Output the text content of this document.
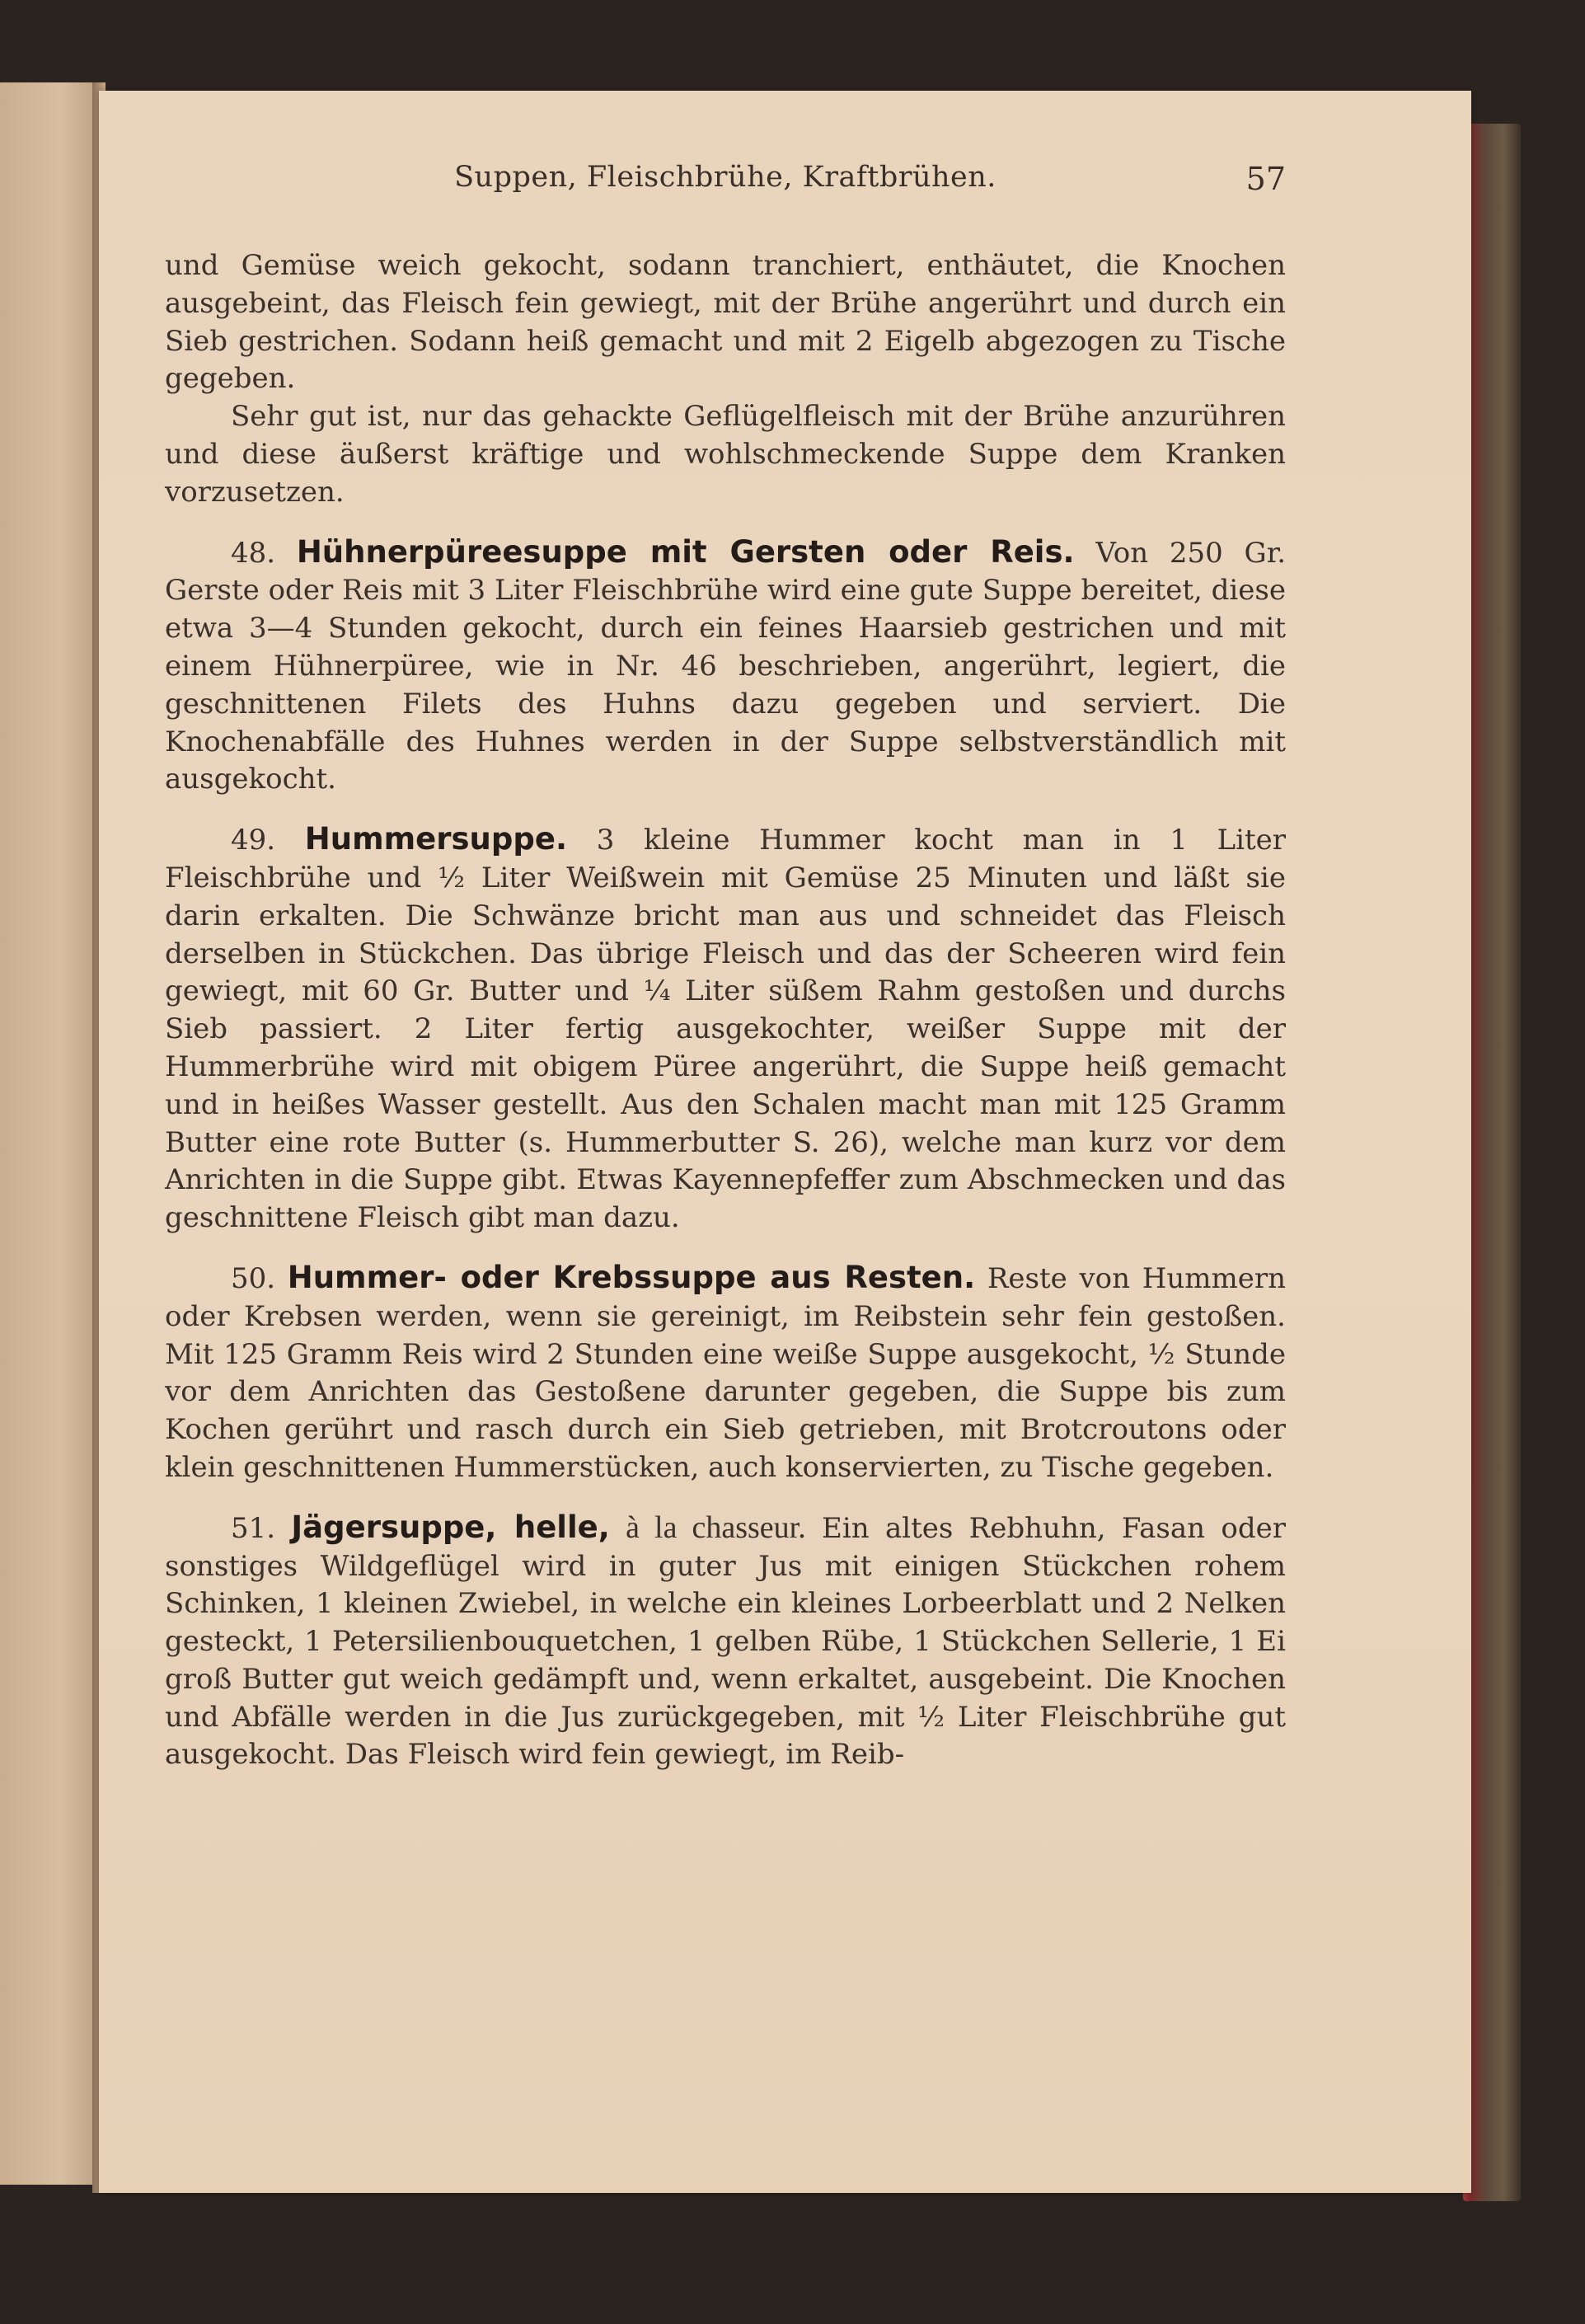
Suppen, Fleischbrühe, Kraftbrühen.	57

und Gemüse weich gekocht, sodann tranchiert, enthäutet, die Knochen ausgebeint, das Fleisch fein gewiegt, mit der Brühe angerührt und durch ein Sieb gestrichen. Sodann heiß gemacht und mit 2 Eigelb abgezogen zu Tische gegeben.

Sehr gut ist, nur das gehackte Geflügelfleisch mit der Brühe anzurühren und diese äußerst kräftige und wohlschmeckende Suppe dem Kranken vorzusetzen.

48. Hühnerpüreesuppe mit Gersten oder Reis. Von 250 Gr. Gerste oder Reis mit 3 Liter Fleischbrühe wird eine gute Suppe bereitet, diese etwa 3—4 Stunden gekocht, durch ein feines Haarsieb gestrichen und mit einem Hühnerpüree, wie in Nr. 46 beschrieben, angerührt, legiert, die geschnittenen Filets des Huhns dazu gegeben und serviert. Die Knochenabfälle des Huhnes werden in der Suppe selbstverständlich mit ausgekocht.

49. Hummersuppe. 3 kleine Hummer kocht man in 1 Liter Fleischbrühe und ½ Liter Weißwein mit Gemüse 25 Minuten und läßt sie darin erkalten. Die Schwänze bricht man aus und schneidet das Fleisch derselben in Stückchen. Das übrige Fleisch und das der Scheeren wird fein gewiegt, mit 60 Gr. Butter und ¼ Liter süßem Rahm gestoßen und durchs Sieb passiert. 2 Liter fertig ausgekochter, weißer Suppe mit der Hummerbrühe wird mit obigem Püree angerührt, die Suppe heiß gemacht und in heißes Wasser gestellt. Aus den Schalen macht man mit 125 Gramm Butter eine rote Butter (s. Hummerbutter S. 26), welche man kurz vor dem Anrichten in die Suppe gibt. Etwas Kayennepfeffer zum Abschmecken und das geschnittene Fleisch gibt man dazu.

50. Hummer- oder Krebssuppe aus Resten. Reste von Hummern oder Krebsen werden, wenn sie gereinigt, im Reibstein sehr fein gestoßen. Mit 125 Gramm Reis wird 2 Stunden eine weiße Suppe ausgekocht, ½ Stunde vor dem Anrichten das Gestoßene darunter gegeben, die Suppe bis zum Kochen gerührt und rasch durch ein Sieb getrieben, mit Brotcroutons oder klein geschnittenen Hummerstücken, auch konservierten, zu Tische gegeben.

51. Jägersuppe, helle, à la chasseur. Ein altes Rebhuhn, Fasan oder sonstiges Wildgeflügel wird in guter Jus mit einigen Stückchen rohem Schinken, 1 kleinen Zwiebel, in welche ein kleines Lorbeerblatt und 2 Nelken gesteckt, 1 Petersilienbouquetchen, 1 gelben Rübe, 1 Stückchen Sellerie, 1 Ei groß Butter gut weich gedämpft und, wenn erkaltet, ausgebeint. Die Knochen und Abfälle werden in die Jus zurückgegeben, mit ½ Liter Fleischbrühe gut ausgekocht. Das Fleisch wird fein gewiegt, im Reib-
